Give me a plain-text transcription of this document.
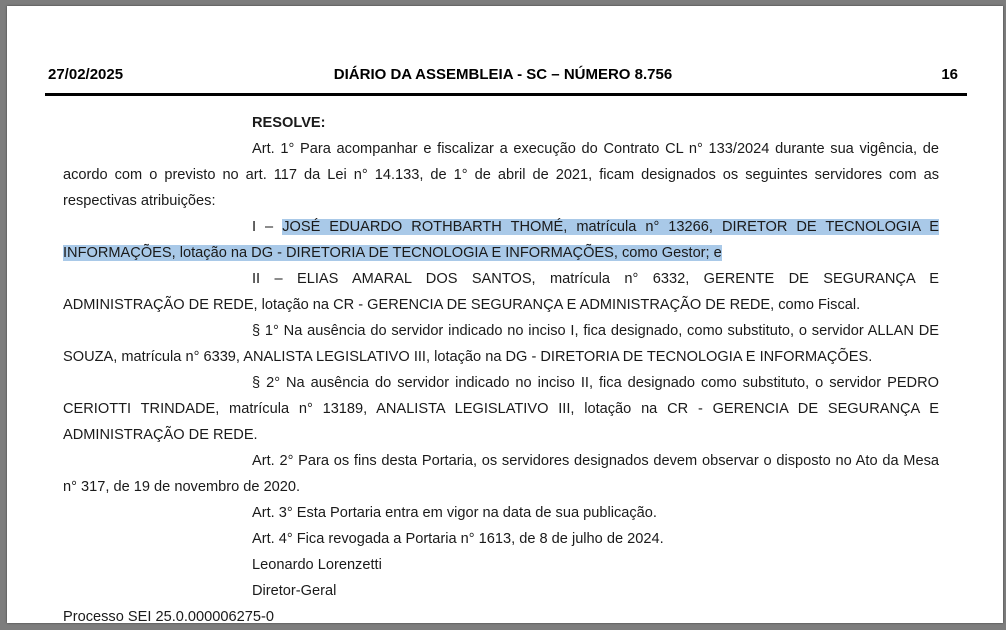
27/02/2025	DIÁRIO DA ASSEMBLEIA - SC – NÚMERO 8.756	16

RESOLVE:

Art. 1° Para acompanhar e fiscalizar a execução do Contrato CL n° 133/2024 durante sua vigência, de acordo com o previsto no art. 117 da Lei n° 14.133, de 1° de abril de 2021, ficam designados os seguintes servidores com as respectivas atribuições:

I – JOSÉ EDUARDO ROTHBARTH THOMÉ, matrícula n° 13266, DIRETOR DE TECNOLOGIA E INFORMAÇÕES, lotação na DG - DIRETORIA DE TECNOLOGIA E INFORMAÇÕES, como Gestor; e

II – ELIAS AMARAL DOS SANTOS, matrícula n° 6332, GERENTE DE SEGURANÇA E ADMINISTRAÇÃO DE REDE, lotação na CR - GERENCIA DE SEGURANÇA E ADMINISTRAÇÃO DE REDE, como Fiscal.

§ 1° Na ausência do servidor indicado no inciso I, fica designado, como substituto, o servidor ALLAN DE SOUZA, matrícula n° 6339, ANALISTA LEGISLATIVO III, lotação na DG - DIRETORIA DE TECNOLOGIA E INFORMAÇÕES.

§ 2° Na ausência do servidor indicado no inciso II, fica designado como substituto, o servidor PEDRO CERIOTTI TRINDADE, matrícula n° 13189, ANALISTA LEGISLATIVO III, lotação na CR - GERENCIA DE SEGURANÇA E ADMINISTRAÇÃO DE REDE.

Art. 2° Para os fins desta Portaria, os servidores designados devem observar o disposto no Ato da Mesa n° 317, de 19 de novembro de 2020.

Art. 3° Esta Portaria entra em vigor na data de sua publicação.

Art. 4° Fica revogada a Portaria n° 1613, de 8 de julho de 2024.

Leonardo Lorenzetti

Diretor-Geral

Processo SEI 25.0.000006275-0
